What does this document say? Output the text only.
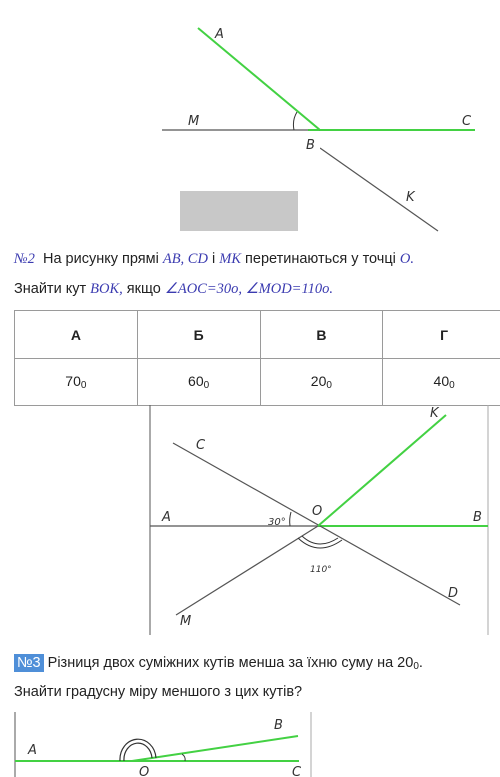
A
M
B
C
K
№2 На рисунку прямі AB, CD і MK перетинаються у точці O.
Знайти кут BOK, якщо ∠AOC=30o, ∠MOD=110o.
А	Б	В	Г
$70_0$	$60_0$	$20_0$	$40_0$
K
C
A	O	B
30°
110°
D
M
№3 Різниця двох суміжних кутів менша за їхню суму на $20_0$.
Знайти градусну міру меншого з цих кутів?
A
B
C
O
